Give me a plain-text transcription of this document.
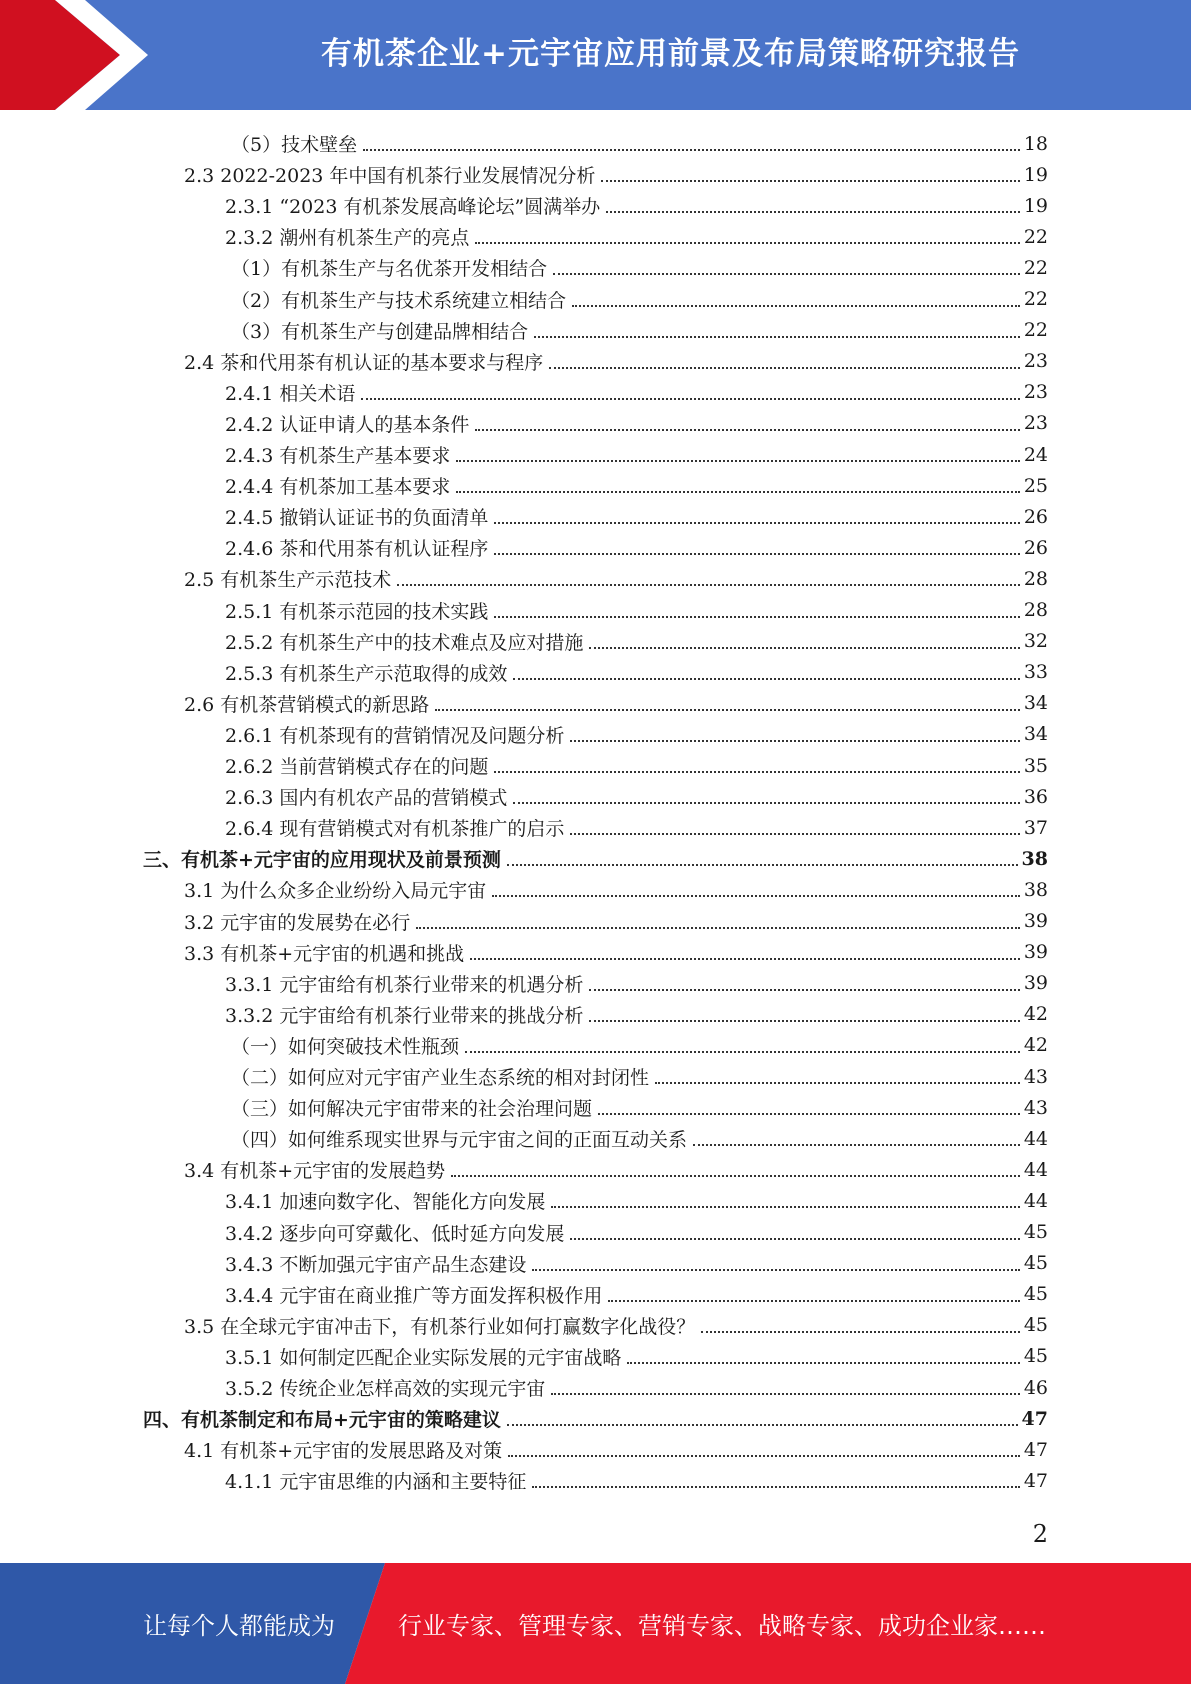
有机茶企业+元宇宙应用前景及布局策略研究报告
（5）技术壁垒	18
2.3 2022-2023 年中国有机茶行业发展情况分析	19
2.3.1 “2023 有机茶发展高峰论坛”圆满举办	19
2.3.2 潮州有机茶生产的亮点	22
（1）有机茶生产与名优茶开发相结合	22
（2）有机茶生产与技术系统建立相结合	22
（3）有机茶生产与创建品牌相结合	22
2.4 茶和代用茶有机认证的基本要求与程序	23
2.4.1 相关术语	23
2.4.2 认证申请人的基本条件	23
2.4.3 有机茶生产基本要求	24
2.4.4 有机茶加工基本要求	25
2.4.5 撤销认证证书的负面清单	26
2.4.6 茶和代用茶有机认证程序	26
2.5 有机茶生产示范技术	28
2.5.1 有机茶示范园的技术实践	28
2.5.2 有机茶生产中的技术难点及应对措施	32
2.5.3 有机茶生产示范取得的成效	33
2.6 有机茶营销模式的新思路	34
2.6.1 有机茶现有的营销情况及问题分析	34
2.6.2 当前营销模式存在的问题	35
2.6.3 国内有机农产品的营销模式	36
2.6.4 现有营销模式对有机茶推广的启示	37
三、有机茶+元宇宙的应用现状及前景预测	38
3.1 为什么众多企业纷纷入局元宇宙	38
3.2 元宇宙的发展势在必行	39
3.3 有机茶+元宇宙的机遇和挑战	39
3.3.1 元宇宙给有机茶行业带来的机遇分析	39
3.3.2 元宇宙给有机茶行业带来的挑战分析	42
（一）如何突破技术性瓶颈	42
（二）如何应对元宇宙产业生态系统的相对封闭性	43
（三）如何解决元宇宙带来的社会治理问题	43
（四）如何维系现实世界与元宇宙之间的正面互动关系	44
3.4 有机茶+元宇宙的发展趋势	44
3.4.1 加速向数字化、智能化方向发展	44
3.4.2 逐步向可穿戴化、低时延方向发展	45
3.4.3 不断加强元宇宙产品生态建设	45
3.4.4 元宇宙在商业推广等方面发挥积极作用	45
3.5 在全球元宇宙冲击下，有机茶行业如何打赢数字化战役？	45
3.5.1 如何制定匹配企业实际发展的元宇宙战略	45
3.5.2 传统企业怎样高效的实现元宇宙	46
四、有机茶制定和布局+元宇宙的策略建议	47
4.1 有机茶+元宇宙的发展思路及对策	47
4.1.1 元宇宙思维的内涵和主要特征	47
2
让每个人都能成为	行业专家、管理专家、营销专家、战略专家、成功企业家……
